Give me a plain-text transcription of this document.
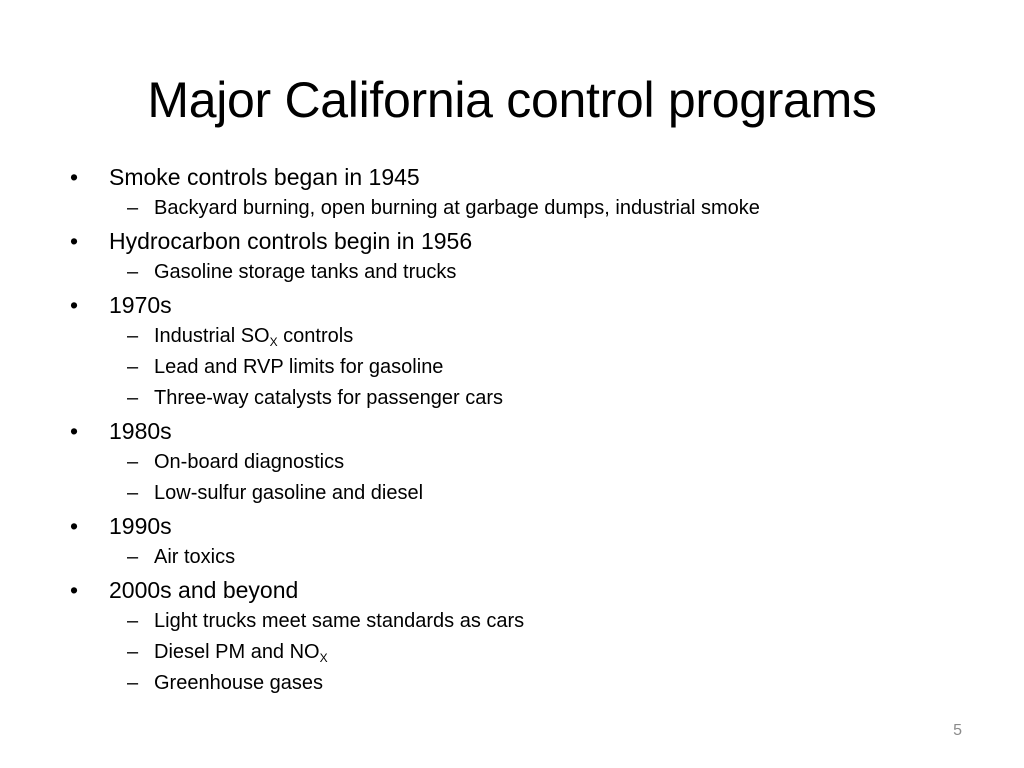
Major California control programs
•	Smoke controls began in 1945
– Backyard burning, open burning at garbage dumps, industrial smoke
•	Hydrocarbon controls begin in 1956
– Gasoline storage tanks and trucks
•	1970s
– Industrial $SO_X$ controls
– Lead and RVP limits for gasoline
– Three-way catalysts for passenger cars
•	1980s
– On-board diagnostics
– Low-sulfur gasoline and diesel
•	1990s
– Air toxics
•	2000s and beyond
– Light trucks meet same standards as cars
– Diesel PM and $NO_X$
– Greenhouse gases
5
